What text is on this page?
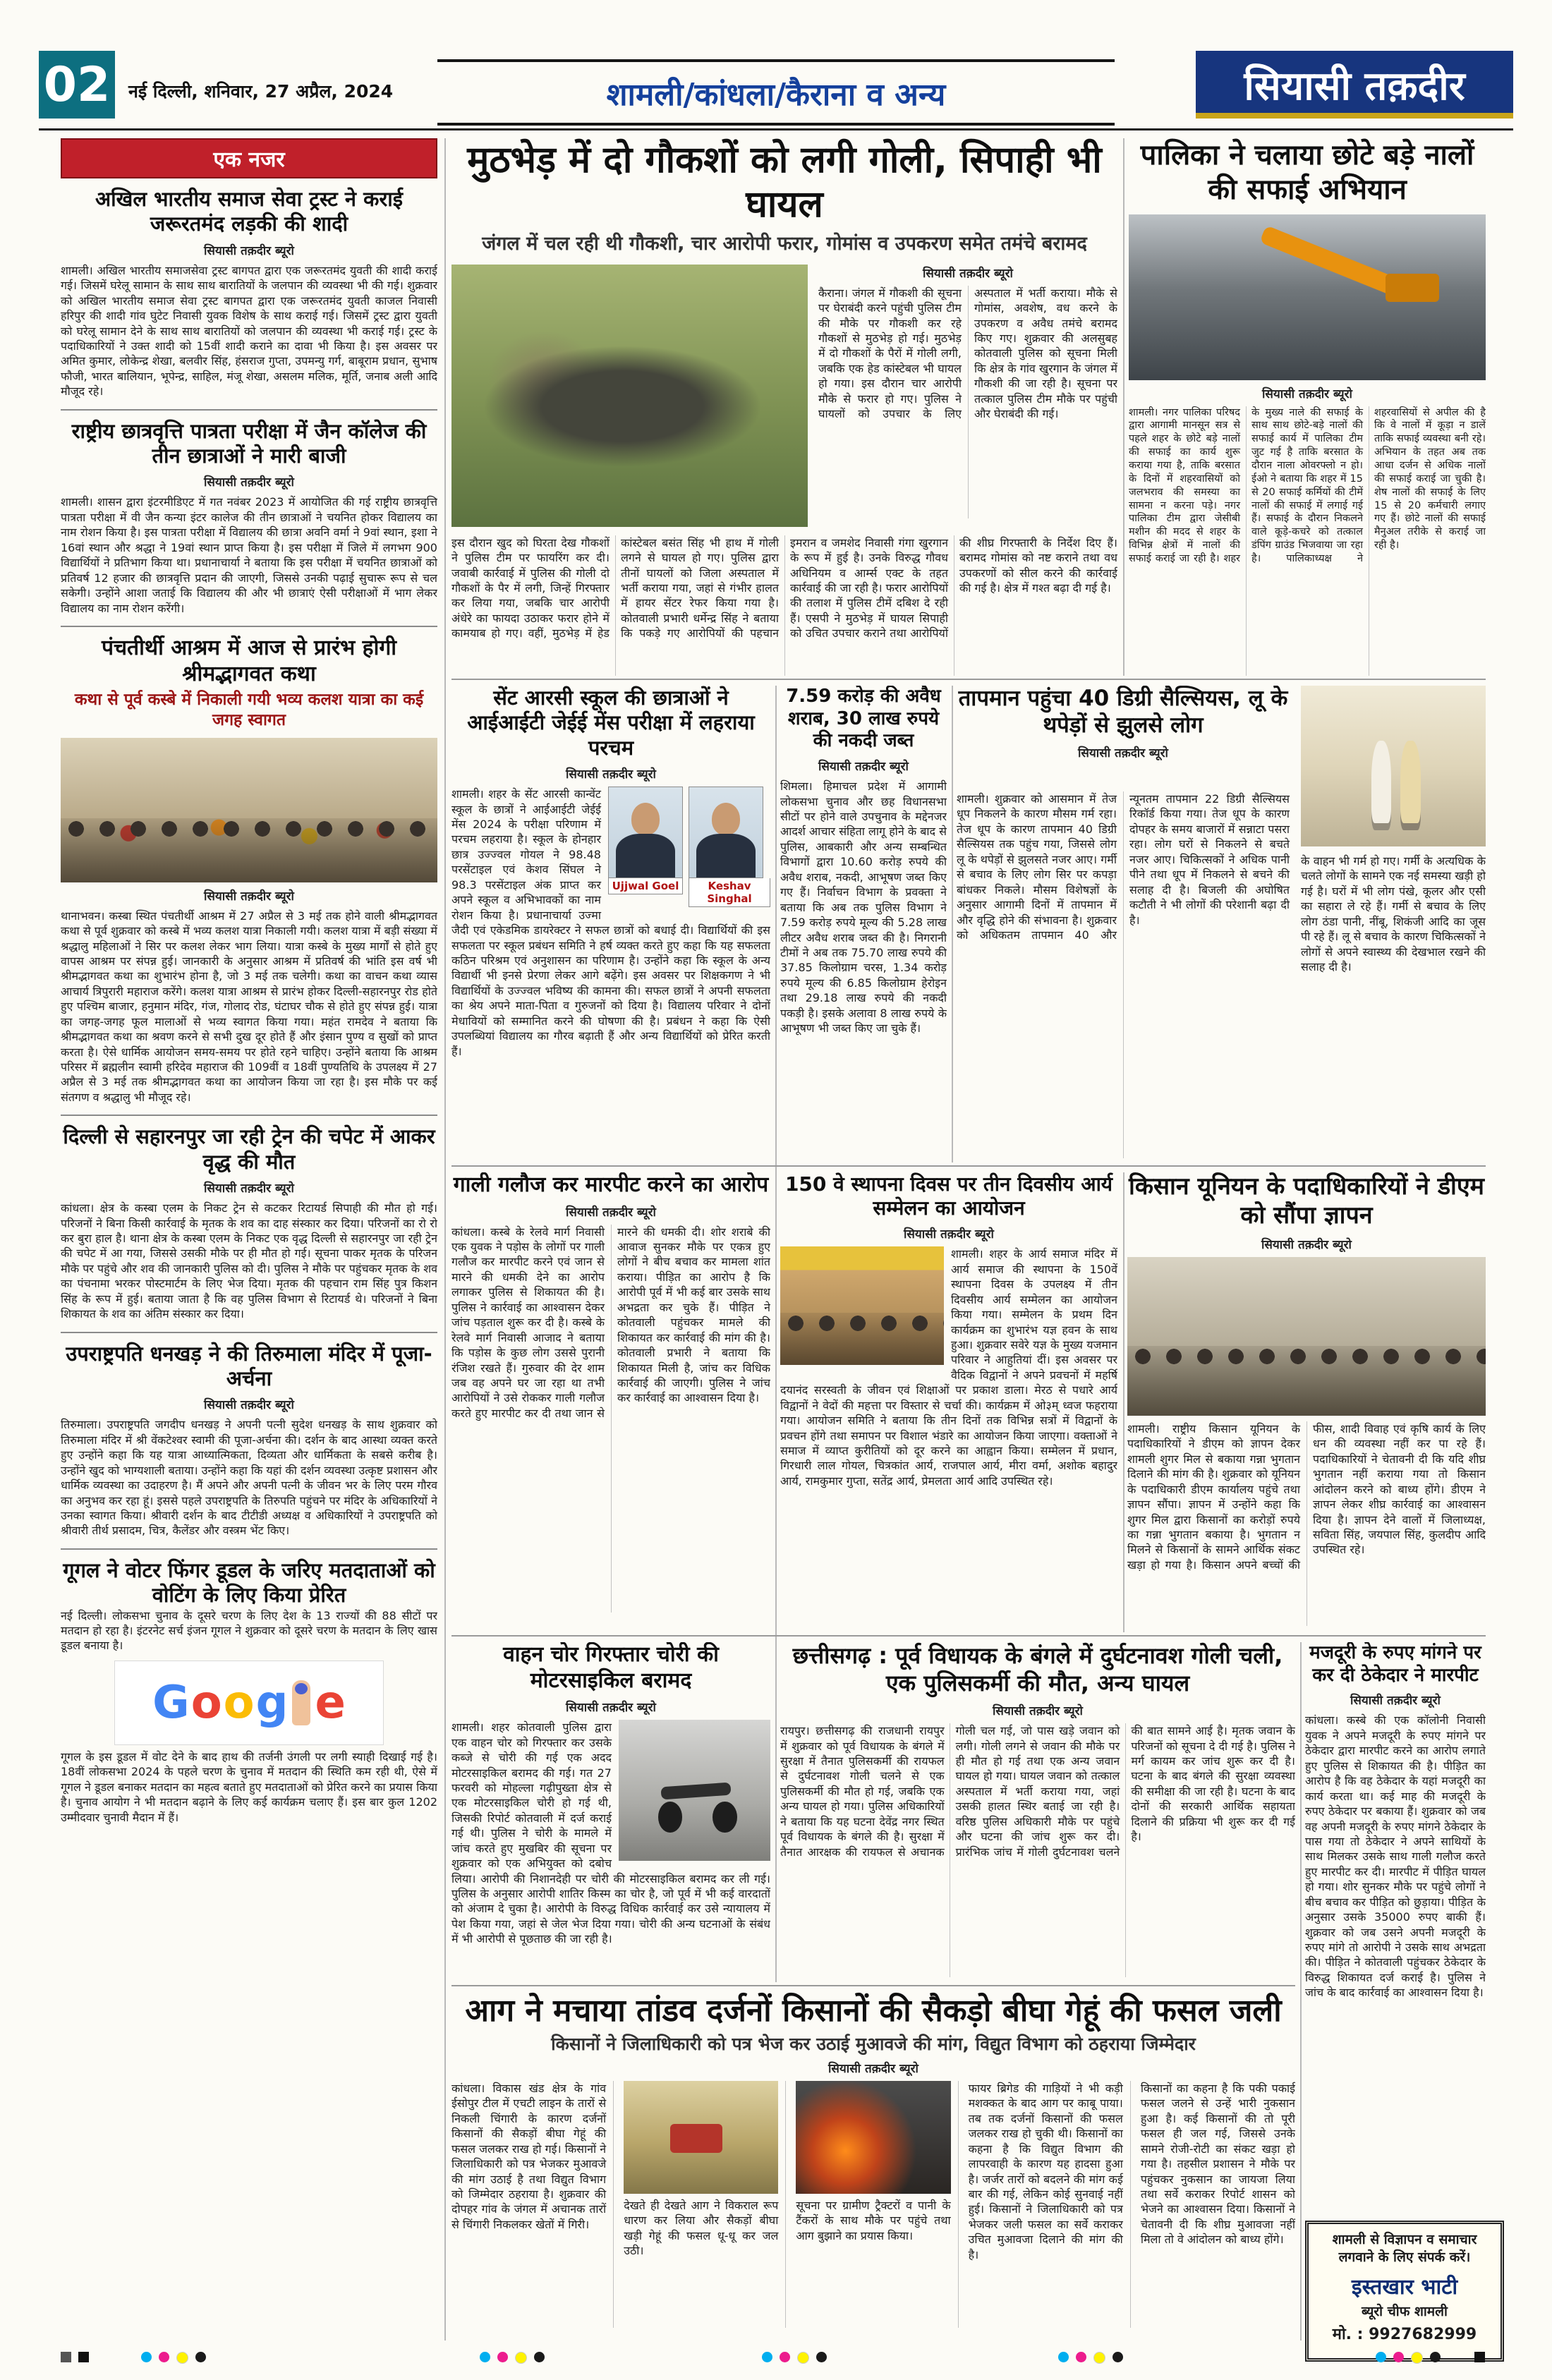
02 नई दिल्ली, शनिवार, 27 अप्रैल, 2024	शामली/कांधला/कैराना व अन्य	सियासी तक़दीर
एक नजर
अखिल भारतीय समाज सेवा ट्रस्ट ने कराई जरूरतमंद लड़की की शादी
सियासी तक़दीर ब्यूरो
शामली। अखिल भारतीय समाजसेवा ट्रस्ट बागपत द्वारा एक जरूरतमंद युवती की शादी कराई गई। जिसमें घरेलू सामान के साथ साथ बारातियों के जलपान की व्यवस्था भी की गई। शुक्रवार को अखिल भारतीय समाज सेवा ट्रस्ट बागपत द्वारा एक जरूरतमंद युवती काजल निवासी हरिपुर की शादी गांव घुटेट निवासी युवक विशेष के साथ कराई गई। जिसमें ट्रस्ट द्वारा युवती को घरेलू सामान देने के साथ साथ बारातियों को जलपान की व्यवस्था भी कराई गई। ट्रस्ट के पदाधिकारियों ने उक्त शादी को 15वीं शादी कराने का दावा भी किया है। इस अवसर पर अमित कुमार, लोकेन्द्र शेखा, बलवीर सिंह, हंसराज गुप्ता, उपमन्यु गर्ग, बाबूराम प्रधान, सुभाष फौजी, भारत बालियान, भूपेन्द्र, साहिल, मंजू शेखा, असलम मलिक, मूर्ति, जनाब अली आदि मौजूद रहे।
राष्ट्रीय छात्रवृत्ति पात्रता परीक्षा में जैन कॉलेज की तीन छात्राओं ने मारी बाजी
सियासी तक़दीर ब्यूरो
शामली। शासन द्वारा इंटरमीडिएट में गत नवंबर 2023 में आयोजित की गई राष्ट्रीय छात्रवृत्ति पात्रता परीक्षा में वी जैन कन्या इंटर कालेज की तीन छात्राओं ने चयनित होकर विद्यालय का नाम रोशन किया है। इस पात्रता परीक्षा में विद्यालय की छात्रा अवनि वर्मा ने 9वां स्थान, इशा ने 16वां स्थान और श्रद्धा ने 19वां स्थान प्राप्त किया है। इस परीक्षा में जिले में लगभग 900 विद्यार्थियों ने प्रतिभाग किया था। प्रधानाचार्या ने बताया कि इस परीक्षा में चयनित छात्राओं को प्रतिवर्ष 12 हजार की छात्रवृत्ति प्रदान की जाएगी, जिससे उनकी पढ़ाई सुचारू रूप से चल सकेगी। उन्होंने आशा जताई कि विद्यालय की और भी छात्राएं ऐसी परीक्षाओं में भाग लेकर विद्यालय का नाम रोशन करेंगी।
पंचतीर्थी आश्रम में आज से प्रारंभ होगी श्रीमद्भागवत कथा
कथा से पूर्व कस्बे में निकाली गयी भव्य कलश यात्रा का कई जगह स्वागत
सियासी तक़दीर ब्यूरो
थानाभवन। कस्बा स्थित पंचतीर्थी आश्रम में 27 अप्रैल से 3 मई तक होने वाली श्रीमद्भागवत कथा से पूर्व शुक्रवार को कस्बे में भव्य कलश यात्रा निकाली गयी। कलश यात्रा में बड़ी संख्या में श्रद्धालु महिलाओं ने सिर पर कलश लेकर भाग लिया। यात्रा कस्बे के मुख्य मार्गों से होते हुए वापस आश्रम पर संपन्न हुई। जानकारी के अनुसार आश्रम में प्रतिवर्ष की भांति इस वर्ष भी श्रीमद्भागवत कथा का शुभारंभ होना है, जो 3 मई तक चलेगी। कथा का वाचन कथा व्यास आचार्य त्रिपुरारी महाराज करेंगे। कलश यात्रा आश्रम से प्रारंभ होकर दिल्ली-सहारनपुर रोड होते हुए पश्चिम बाजार, हनुमान मंदिर, गंज, गोलाद रोड, घंटाघर चौक से होते हुए संपन्न हुई। यात्रा का जगह-जगह फूल मालाओं से भव्य स्वागत किया गया। महंत रामदेव ने बताया कि श्रीमद्भागवत कथा का श्रवण करने से सभी दुख दूर होते हैं और इंसान पुण्य व सुखों को प्राप्त करता है। ऐसे धार्मिक आयोजन समय-समय पर होते रहने चाहिए। उन्होंने बताया कि आश्रम परिसर में ब्रह्मलीन स्वामी हरिदेव महाराज की 109वीं व 18वीं पुण्यतिथि के उपलक्ष्य में 27 अप्रैल से 3 मई तक श्रीमद्भागवत कथा का आयोजन किया जा रहा है। इस मौके पर कई संतगण व श्रद्धालु भी मौजूद रहे।
दिल्ली से सहारनपुर जा रही ट्रेन की चपेट में आकर वृद्ध की मौत
सियासी तक़दीर ब्यूरो
कांधला। क्षेत्र के कस्बा एलम के निकट ट्रेन से कटकर रिटायर्ड सिपाही की मौत हो गई। परिजनों ने बिना किसी कार्रवाई के मृतक के शव का दाह संस्कार कर दिया। परिजनों का रो रो कर बुरा हाल है। थाना क्षेत्र के कस्बा एलम के निकट एक वृद्ध दिल्ली से सहारनपुर जा रही ट्रेन की चपेट में आ गया, जिससे उसकी मौके पर ही मौत हो गई। सूचना पाकर मृतक के परिजन मौके पर पहुंचे और शव की जानकारी पुलिस को दी। पुलिस ने मौके पर पहुंचकर मृतक के शव का पंचनामा भरकर पोस्टमार्टम के लिए भेज दिया। मृतक की पहचान राम सिंह पुत्र किशन सिंह के रूप में हुई। बताया जाता है कि वह पुलिस विभाग से रिटायर्ड थे। परिजनों ने बिना शिकायत के शव का अंतिम संस्कार कर दिया।
उपराष्ट्रपति धनखड़ ने की तिरुमाला मंदिर में पूजा-अर्चना
सियासी तक़दीर ब्यूरो
तिरुमाला। उपराष्ट्रपति जगदीप धनखड़ ने अपनी पत्नी सुदेश धनखड़ के साथ शुक्रवार को तिरुमाला मंदिर में श्री वेंकटेश्वर स्वामी की पूजा-अर्चना की। दर्शन के बाद आस्था व्यक्त करते हुए उन्होंने कहा कि यह यात्रा आध्यात्मिकता, दिव्यता और धार्मिकता के सबसे करीब है। उन्होंने खुद को भाग्यशाली बताया। उन्होंने कहा कि यहां की दर्शन व्यवस्था उत्कृष्ट प्रशासन और धार्मिक व्यवस्था का उदाहरण है। मैं अपने और अपनी पत्नी के जीवन भर के लिए परम गौरव का अनुभव कर रहा हूं। इससे पहले उपराष्ट्रपति के तिरुपति पहुंचने पर मंदिर के अधिकारियों ने उनका स्वागत किया। श्रीवारी दर्शन के बाद टीटीडी अध्यक्ष व अधिकारियों ने उपराष्ट्रपति को श्रीवारी तीर्थ प्रसादम, चित्र, कैलेंडर और वस्त्रम भेंट किए।
गूगल ने वोटर फिंगर डूडल के जरिए मतदाताओं को वोटिंग के लिए किया प्रेरित
नई दिल्ली। लोकसभा चुनाव के दूसरे चरण के लिए देश के 13 राज्यों की 88 सीटों पर मतदान हो रहा है। इंटरनेट सर्च इंजन गूगल ने शुक्रवार को दूसरे चरण के मतदान के लिए खास डूडल बनाया है।
G o o g e
गूगल के इस डूडल में वोट देने के बाद हाथ की तर्जनी उंगली पर लगी स्याही दिखाई गई है। 18वीं लोकसभा 2024 के पहले चरण के चुनाव में मतदान की स्थिति कम रही थी, ऐसे में गूगल ने डूडल बनाकर मतदान का महत्व बताते हुए मतदाताओं को प्रेरित करने का प्रयास किया है। चुनाव आयोग ने भी मतदान बढ़ाने के लिए कई कार्यक्रम चलाए हैं। इस बार कुल 1202 उम्मीदवार चुनावी मैदान में हैं।
मुठभेड़ में दो गौकशों को लगी गोली, सिपाही भी घायल
जंगल में चल रही थी गौकशी, चार आरोपी फरार, गोमांस व उपकरण समेत तमंचे बरामद
सियासी तक़दीर ब्यूरो
कैराना। जंगल में गौकशी की सूचना पर घेराबंदी करने पहुंची पुलिस टीम की मौके पर गौकशी कर रहे गौकशों से मुठभेड़ हो गई। मुठभेड़ में दो गौकशों के पैरों में गोली लगी, जबकि एक हेड कांस्टेबल भी घायल हो गया। इस दौरान चार आरोपी मौके से फरार हो गए। पुलिस ने घायलों को उपचार के लिए अस्पताल में भर्ती कराया। मौके से गोमांस, अवशेष, वध करने के उपकरण व अवैध तमंचे बरामद किए गए। शुक्रवार की अलसुबह कोतवाली पुलिस को सूचना मिली कि क्षेत्र के गांव खुरगान के जंगल में गौकशी की जा रही है। सूचना पर तत्काल पुलिस टीम मौके पर पहुंची और घेराबंदी की गई।
इस दौरान खुद को घिरता देख गौकशों ने पुलिस टीम पर फायरिंग कर दी। जवाबी कार्रवाई में पुलिस की गोली दो गौकशों के पैर में लगी, जिन्हें गिरफ्तार कर लिया गया, जबकि चार आरोपी अंधेरे का फायदा उठाकर फरार होने में कामयाब हो गए। वहीं, मुठभेड़ में हेड कांस्टेबल बसंत सिंह भी हाथ में गोली लगने से घायल हो गए। पुलिस द्वारा तीनों घायलों को जिला अस्पताल में भर्ती कराया गया, जहां से गंभीर हालत में हायर सेंटर रेफर किया गया है। कोतवाली प्रभारी धर्मेन्द्र सिंह ने बताया कि पकड़े गए आरोपियों की पहचान इमरान व जमशेद निवासी गंगा खुरगान के रूप में हुई है। उनके विरुद्ध गौवध अधिनियम व आर्म्स एक्ट के तहत कार्रवाई की जा रही है। फरार आरोपियों की तलाश में पुलिस टीमें दबिश दे रही हैं। एसपी ने मुठभेड़ में घायल सिपाही को उचित उपचार कराने तथा आरोपियों की शीघ्र गिरफ्तारी के निर्देश दिए हैं। बरामद गोमांस को नष्ट कराने तथा वध उपकरणों को सील करने की कार्रवाई की गई है। क्षेत्र में गश्त बढ़ा दी गई है।
पालिका ने चलाया छोटे बड़े नालों की सफाई अभियान
सियासी तक़दीर ब्यूरो
शामली। नगर पालिका परिषद द्वारा आगामी मानसून सत्र से पहले शहर के छोटे बड़े नालों की सफाई का कार्य शुरू कराया गया है, ताकि बरसात के दिनों में शहरवासियों को जलभराव की समस्या का सामना न करना पड़े। नगर पालिका टीम द्वारा जेसीबी मशीन की मदद से शहर के विभिन्न क्षेत्रों में नालों की सफाई कराई जा रही है। शहर के मुख्य नाले की सफाई के साथ साथ छोटे-बड़े नालों की सफाई कार्य में पालिका टीम जुट गई है ताकि बरसात के दौरान नाला ओवरफ्लो न हो। ईओ ने बताया कि शहर में 15 से 20 सफाई कर्मियों की टीमें नालों की सफाई में लगाई गई हैं। सफाई के दौरान निकलने वाले कूड़े-कचरे को तत्काल डंपिंग ग्राउंड भिजवाया जा रहा है। पालिकाध्यक्ष ने शहरवासियों से अपील की है कि वे नालों में कूड़ा न डालें ताकि सफाई व्यवस्था बनी रहे। अभियान के तहत अब तक आधा दर्जन से अधिक नालों की सफाई कराई जा चुकी है। शेष नालों की सफाई के लिए 15 से 20 कर्मचारी लगाए गए हैं। छोटे नालों की सफाई मैनुअल तरीके से कराई जा रही है।
सेंट आरसी स्कूल की छात्राओं ने आईआईटी जेईई मेंस परीक्षा में लहराया परचम
सियासी तक़दीर ब्यूरो
Ujjwal Goel	Keshav Singhal
शामली। शहर के सेंट आरसी कान्वेंट स्कूल के छात्रों ने आईआईटी जेईई मेंस 2024 के परीक्षा परिणाम में परचम लहराया है। स्कूल के होनहार छात्र उज्ज्वल गोयल ने 98.48 परसेंटाइल एवं केशव सिंघल ने 98.3 परसेंटाइल अंक प्राप्त कर अपने स्कूल व अभिभावकों का नाम रोशन किया है। प्रधानाचार्या उज्मा जैदी एवं एकेडमिक डायरेक्टर ने सफल छात्रों को बधाई दी। विद्यार्थियों की इस सफलता पर स्कूल प्रबंधन समिति ने हर्ष व्यक्त करते हुए कहा कि यह सफलता कठिन परिश्रम एवं अनुशासन का परिणाम है। उन्होंने कहा कि स्कूल के अन्य विद्यार्थी भी इनसे प्रेरणा लेकर आगे बढ़ेंगे। इस अवसर पर शिक्षकगण ने भी विद्यार्थियों के उज्ज्वल भविष्य की कामना की। सफल छात्रों ने अपनी सफलता का श्रेय अपने माता-पिता व गुरुजनों को दिया है। विद्यालय परिवार ने दोनों मेधावियों को सम्मानित करने की घोषणा की है। प्रबंधन ने कहा कि ऐसी उपलब्धियां विद्यालय का गौरव बढ़ाती हैं और अन्य विद्यार्थियों को प्रेरित करती हैं।
7.59 करोड़ की अवैध शराब, 30 लाख रुपये की नकदी जब्त
सियासी तक़दीर ब्यूरो
शिमला। हिमाचल प्रदेश में आगामी लोकसभा चुनाव और छह विधानसभा सीटों पर होने वाले उपचुनाव के मद्देनजर आदर्श आचार संहिता लागू होने के बाद से पुलिस, आबकारी और अन्य सम्बन्धित विभागों द्वारा 10.60 करोड़ रुपये की अवैध शराब, नकदी, आभूषण जब्त किए गए हैं। निर्वाचन विभाग के प्रवक्ता ने बताया कि अब तक पुलिस विभाग ने 7.59 करोड़ रुपये मूल्य की 5.28 लाख लीटर अवैध शराब जब्त की है। निगरानी टीमों ने अब तक 75.70 लाख रुपये की 37.85 किलोग्राम चरस, 1.34 करोड़ रुपये मूल्य की 6.85 किलोग्राम हेरोइन तथा 29.18 लाख रुपये की नकदी पकड़ी है। इसके अलावा 8 लाख रुपये के आभूषण भी जब्त किए जा चुके हैं।
तापमान पहुंचा 40 डिग्री सैल्सियस, लू के थपेड़ों से झुलसे लोग
सियासी तक़दीर ब्यूरो
शामली। शुक्रवार को आसमान में तेज धूप निकलने के कारण मौसम गर्म रहा। तेज धूप के कारण तापमान 40 डिग्री सैल्सियस तक पहुंच गया, जिससे लोग लू के थपेड़ों से झुलसते नजर आए। गर्मी से बचाव के लिए लोग सिर पर कपड़ा बांधकर निकले। मौसम विशेषज्ञों के अनुसार आगामी दिनों में तापमान में और वृद्धि होने की संभावना है। शुक्रवार को अधिकतम तापमान 40 और न्यूनतम तापमान 22 डिग्री सैल्सियस रिकॉर्ड किया गया। तेज धूप के कारण दोपहर के समय बाजारों में सन्नाटा पसरा रहा। लोग घरों से निकलने से बचते नजर आए। चिकित्सकों ने अधिक पानी पीने तथा धूप में निकलने से बचने की सलाह दी है। बिजली की अघोषित कटौती ने भी लोगों की परेशानी बढ़ा दी है।
के वाहन भी गर्म हो गए। गर्मी के अत्यधिक के चलते लोगों के सामने एक नई समस्या खड़ी हो गई है। घरों में भी लोग पंखे, कूलर और एसी का सहारा ले रहे हैं। गर्मी से बचाव के लिए लोग ठंडा पानी, नींबू, शिकंजी आदि का जूस पी रहे हैं। लू से बचाव के कारण चिकित्सकों ने लोगों से अपने स्वास्थ्य की देखभाल रखने की सलाह दी है।
गाली गलौज कर मारपीट करने का आरोप
सियासी तक़दीर ब्यूरो
कांधला। कस्बे के रेलवे मार्ग निवासी एक युवक ने पड़ोस के लोगों पर गाली गलौज कर मारपीट करने एवं जान से मारने की धमकी देने का आरोप लगाकर पुलिस से शिकायत की है। पुलिस ने कार्रवाई का आश्वासन देकर जांच पड़ताल शुरू कर दी है। कस्बे के रेलवे मार्ग निवासी आजाद ने बताया कि पड़ोस के कुछ लोग उससे पुरानी रंजिश रखते हैं। गुरुवार की देर शाम जब वह अपने घर जा रहा था तभी आरोपियों ने उसे रोककर गाली गलौज करते हुए मारपीट कर दी तथा जान से मारने की धमकी दी। शोर शराबे की आवाज सुनकर मौके पर एकत्र हुए लोगों ने बीच बचाव कर मामला शांत कराया। पीड़ित का आरोप है कि आरोपी पूर्व में भी कई बार उसके साथ अभद्रता कर चुके हैं। पीड़ित ने कोतवाली पहुंचकर मामले की शिकायत कर कार्रवाई की मांग की है। कोतवाली प्रभारी ने बताया कि शिकायत मिली है, जांच कर विधिक कार्रवाई की जाएगी। पुलिस ने जांच कर कार्रवाई का आश्वासन दिया है।
150 वे स्थापना दिवस पर तीन दिवसीय आर्य सम्मेलन का आयोजन
सियासी तक़दीर ब्यूरो
शामली। शहर के आर्य समाज मंदिर में आर्य समाज की स्थापना के 150वें स्थापना दिवस के उपलक्ष्य में तीन दिवसीय आर्य सम्मेलन का आयोजन किया गया। सम्मेलन के प्रथम दिन कार्यक्रम का शुभारंभ यज्ञ हवन के साथ हुआ। शुक्रवार सवेरे यज्ञ के मुख्य यजमान परिवार ने आहुतियां दीं। इस अवसर पर वैदिक विद्वानों ने अपने प्रवचनों में महर्षि दयानंद सरस्वती के जीवन एवं शिक्षाओं पर प्रकाश डाला। मेरठ से पधारे आर्य विद्वानों ने वेदों की महत्ता पर विस्तार से चर्चा की। कार्यक्रम में ओ३म् ध्वज फहराया गया। आयोजन समिति ने बताया कि तीन दिनों तक विभिन्न सत्रों में विद्वानों के प्रवचन होंगे तथा समापन पर विशाल भंडारे का आयोजन किया जाएगा। वक्ताओं ने समाज में व्याप्त कुरीतियों को दूर करने का आह्वान किया। सम्मेलन में प्रधान, गिरधारी लाल गोयल, चित्रकांत आर्य, राजपाल आर्य, मीरा वर्मा, अशोक बहादुर आर्य, रामकुमार गुप्ता, सतेंद्र आर्य, प्रेमलता आर्य आदि उपस्थित रहे।
किसान यूनियन के पदाधिकारियों ने डीएम को सौंपा ज्ञापन
सियासी तक़दीर ब्यूरो
शामली। राष्ट्रीय किसान यूनियन के पदाधिकारियों ने डीएम को ज्ञापन देकर शामली शुगर मिल से बकाया गन्ना भुगतान दिलाने की मांग की है। शुक्रवार को यूनियन के पदाधिकारी डीएम कार्यालय पहुंचे तथा ज्ञापन सौंपा। ज्ञापन में उन्होंने कहा कि शुगर मिल द्वारा किसानों का करोड़ों रुपये का गन्ना भुगतान बकाया है। भुगतान न मिलने से किसानों के सामने आर्थिक संकट खड़ा हो गया है। किसान अपने बच्चों की फीस, शादी विवाह एवं कृषि कार्य के लिए धन की व्यवस्था नहीं कर पा रहे हैं। पदाधिकारियों ने चेतावनी दी कि यदि शीघ्र भुगतान नहीं कराया गया तो किसान आंदोलन करने को बाध्य होंगे। डीएम ने ज्ञापन लेकर शीघ्र कार्रवाई का आश्वासन दिया है। ज्ञापन देने वालों में जिलाध्यक्ष, सविता सिंह, जयपाल सिंह, कुलदीप आदि उपस्थित रहे।
वाहन चोर गिरफ्तार चोरी की मोटरसाइकिल बरामद
सियासी तक़दीर ब्यूरो
शामली। शहर कोतवाली पुलिस द्वारा एक वाहन चोर को गिरफ्तार कर उसके कब्जे से चोरी की गई एक अदद मोटरसाइकिल बरामद की गई। गत 27 फरवरी को मोहल्ला गढ़ीपुख्ता क्षेत्र से एक मोटरसाइकिल चोरी हो गई थी, जिसकी रिपोर्ट कोतवाली में दर्ज कराई गई थी। पुलिस ने चोरी के मामले में जांच करते हुए मुखबिर की सूचना पर शुक्रवार को एक अभियुक्त को दबोच लिया। आरोपी की निशानदेही पर चोरी की मोटरसाइकिल बरामद कर ली गई। पुलिस के अनुसार आरोपी शातिर किस्म का चोर है, जो पूर्व में भी कई वारदातों को अंजाम दे चुका है। आरोपी के विरुद्ध विधिक कार्रवाई कर उसे न्यायालय में पेश किया गया, जहां से जेल भेज दिया गया। चोरी की अन्य घटनाओं के संबंध में भी आरोपी से पूछताछ की जा रही है।
छत्तीसगढ़ : पूर्व विधायक के बंगले में दुर्घटनावश गोली चली, एक पुलिसकर्मी की मौत, अन्य घायल
सियासी तक़दीर ब्यूरो
रायपुर। छत्तीसगढ़ की राजधानी रायपुर में शुक्रवार को पूर्व विधायक के बंगले में सुरक्षा में तैनात पुलिसकर्मी की रायफल से दुर्घटनावश गोली चलने से एक पुलिसकर्मी की मौत हो गई, जबकि एक अन्य घायल हो गया। पुलिस अधिकारियों ने बताया कि यह घटना देवेंद्र नगर स्थित पूर्व विधायक के बंगले की है। सुरक्षा में तैनात आरक्षक की रायफल से अचानक गोली चल गई, जो पास खड़े जवान को लगी। गोली लगने से जवान की मौके पर ही मौत हो गई तथा एक अन्य जवान घायल हो गया। घायल जवान को तत्काल अस्पताल में भर्ती कराया गया, जहां उसकी हालत स्थिर बताई जा रही है। वरिष्ठ पुलिस अधिकारी मौके पर पहुंचे और घटना की जांच शुरू कर दी। प्रारंभिक जांच में गोली दुर्घटनावश चलने की बात सामने आई है। मृतक जवान के परिजनों को सूचना दे दी गई है। पुलिस ने मर्ग कायम कर जांच शुरू कर दी है। घटना के बाद बंगले की सुरक्षा व्यवस्था की समीक्षा की जा रही है। घटना के बाद दोनों की सरकारी आर्थिक सहायता दिलाने की प्रक्रिया भी शुरू कर दी गई है।
मजदूरी के रुपए मांगने पर कर दी ठेकेदार ने मारपीट
सियासी तक़दीर ब्यूरो
कांधला। कस्बे की एक कॉलोनी निवासी युवक ने अपने मजदूरी के रुपए मांगने पर ठेकेदार द्वारा मारपीट करने का आरोप लगाते हुए पुलिस से शिकायत की है। पीड़ित का आरोप है कि वह ठेकेदार के यहां मजदूरी का कार्य करता था। कई माह की मजदूरी के रुपए ठेकेदार पर बकाया हैं। शुक्रवार को जब वह अपनी मजदूरी के रुपए मांगने ठेकेदार के पास गया तो ठेकेदार ने अपने साथियों के साथ मिलकर उसके साथ गाली गलौज करते हुए मारपीट कर दी। मारपीट में पीड़ित घायल हो गया। शोर सुनकर मौके पर पहुंचे लोगों ने बीच बचाव कर पीड़ित को छुड़ाया। पीड़ित के अनुसार उसके 35000 रुपए बाकी हैं। शुक्रवार को जब उसने अपनी मजदूरी के रुपए मांगे तो आरोपी ने उसके साथ अभद्रता की। पीड़ित ने कोतवाली पहुंचकर ठेकेदार के विरुद्ध शिकायत दर्ज कराई है। पुलिस ने जांच के बाद कार्रवाई का आश्वासन दिया है।
आग ने मचाया तांडव दर्जनों किसानों की सैकड़ो बीघा गेहूं की फसल जली
किसानों ने जिलाधिकारी को पत्र भेज कर उठाई मुआवजे की मांग, विद्युत विभाग को ठहराया जिम्मेदार
सियासी तक़दीर ब्यूरो
कांधला। विकास खंड क्षेत्र के गांव ईसोपुर टील में एचटी लाइन के तारों से निकली चिंगारी के कारण दर्जनों किसानों की सैकड़ों बीघा गेहूं की फसल जलकर राख हो गई। किसानों ने जिलाधिकारी को पत्र भेजकर मुआवजे की मांग उठाई है तथा विद्युत विभाग को जिम्मेदार ठहराया है। शुक्रवार की दोपहर गांव के जंगल में अचानक तारों से चिंगारी निकलकर खेतों में गिरी।
देखते ही देखते आग ने विकराल रूप धारण कर लिया और सैकड़ों बीघा खड़ी गेहूं की फसल धू-धू कर जल उठी।
सूचना पर ग्रामीण ट्रैक्टरों व पानी के टैंकरों के साथ मौके पर पहुंचे तथा आग बुझाने का प्रयास किया।
फायर ब्रिगेड की गाड़ियों ने भी कड़ी मशक्कत के बाद आग पर काबू पाया। तब तक दर्जनों किसानों की फसल जलकर राख हो चुकी थी। किसानों का कहना है कि विद्युत विभाग की लापरवाही के कारण यह हादसा हुआ है। जर्जर तारों को बदलने की मांग कई बार की गई, लेकिन कोई सुनवाई नहीं हुई। किसानों ने जिलाधिकारी को पत्र भेजकर जली फसल का सर्वे कराकर उचित मुआवजा दिलाने की मांग की है।
किसानों का कहना है कि पकी पकाई फसल जलने से उन्हें भारी नुकसान हुआ है। कई किसानों की तो पूरी फसल ही जल गई, जिससे उनके सामने रोजी-रोटी का संकट खड़ा हो गया है। तहसील प्रशासन ने मौके पर पहुंचकर नुकसान का जायजा लिया तथा सर्वे कराकर रिपोर्ट शासन को भेजने का आश्वासन दिया। किसानों ने चेतावनी दी कि शीघ्र मुआवजा नहीं मिला तो वे आंदोलन को बाध्य होंगे।	शामली से विज्ञापन व समाचार लगवाने के लिए संपर्क करें।
इस्तखार भाटी
ब्यूरो चीफ शामली
मो. : 9927682999
